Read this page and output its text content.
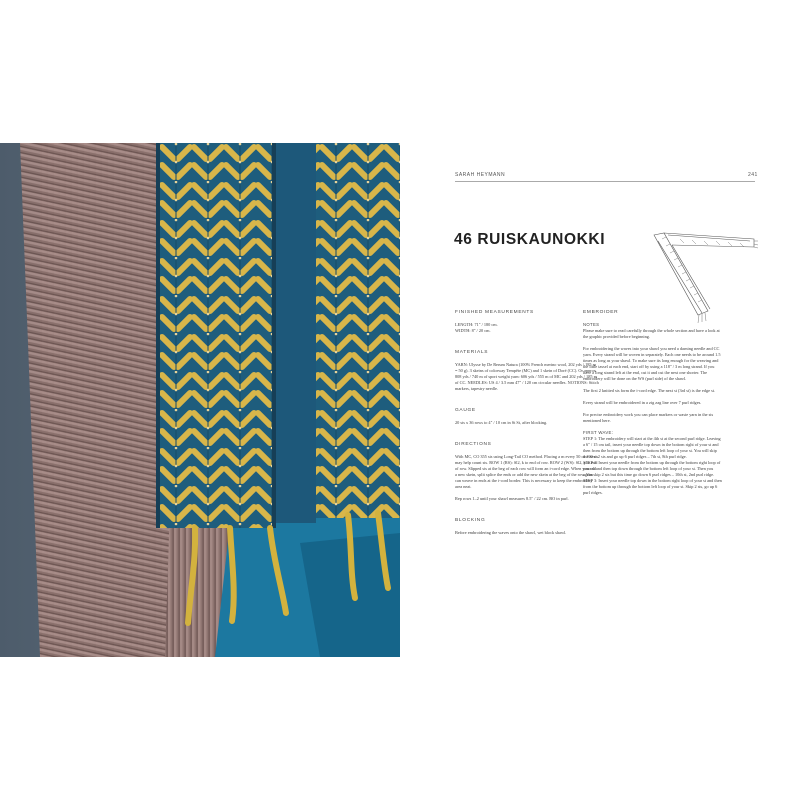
SARAH HEYMANN	241
46 RUISKAUNOKKI
FINISHED MEASUREMENTS

LENGTH: 71" / 180 cm.

WIDTH: 8" / 20 cm.

MATERIALS

YARN: Ulysse by De Rerum Natura (100% French merino wool, 202 yds / 185 m = 50 g). 3 skeins of colorway Tempête (MC) and 1 skein of Doré (CC). Or approx. 808 yds / 740 m of sport weight yarn: 606 yds / 555 m of MC and 202 yds / 185 m of CC. NEEDLES: US 4 / 3.5 mm 47" / 120 cm circular needles. NOTIONS: Stitch markers, tapestry needle.

GAUGE

20 sts x 36 rows to 4" / 10 cm in St St, after blocking.

DIRECTIONS

With MC, CO 355 sts using Long-Tail CO method. Placing a m every 50 or 100 sts may help count sts. ROW 1 (RS): Sl2, k to end of row. ROW 2 (WS): Sl2, p to end of row. Slipped sts at the beg of each row will form an i-cord edge. When you add a new skein, split splice the ends or add the new skein at the beg of the row. You can weave in ends at the i-cord border. This is necessary to keep the embroidery area neat.

Rep rows 1–2 until your shawl measures 8.5" / 22 cm. BO in purl.

BLOCKING

Before embroidering the waves onto the shawl, wet block shawl.

EMBROIDER
NOTES

Please make sure to read carefully through the whole section and have a look at the graphic provided before beginning.

For embroidering the waves into your shawl you need a darning needle and CC yarn. Every strand will be woven in separately. Each one needs to be around 1.5 times as long as your shawl. To make sure its long enough for the weaving and the little tassel at each end, start off by using a 118" / 3 m long strand. If you have a long strand left at the end, cut it and cut the next one shorter. The embroidery will be done on the WS (purl side) of the shawl.

The first 2 knitted sts form the i-cord edge. The next st (3rd st) is the edge st.

Every strand will be embroidered in a zig zag line over 7 purl ridges.

For precise embroidery work you can place markers or waste yarn in the sts mentioned here.

FIRST WAVE:

STEP 1: The embroidery will start at the 4th st at the second purl ridge. Leaving a 6" / 15 cm tail, insert your needle top down in the bottom right of your st and then from the bottom up through the bottom left loop of your st. You will skip the next 2 sts and go up 6 purl ridges – 7th st, 8th purl ridge.

STEP 2: Insert your needle from the bottom up through the bottom right loop of your st and then top down through the bottom left loop of your st. Then you again skip 2 sts but this time go down 6 purl ridges – 10th st, 2nd purl ridge.

STEP 3: Insert your needle top down in the bottom right loop of your st and then from the bottom up through the bottom left loop of your st. Skip 2 sts, go up 6 purl ridges.
